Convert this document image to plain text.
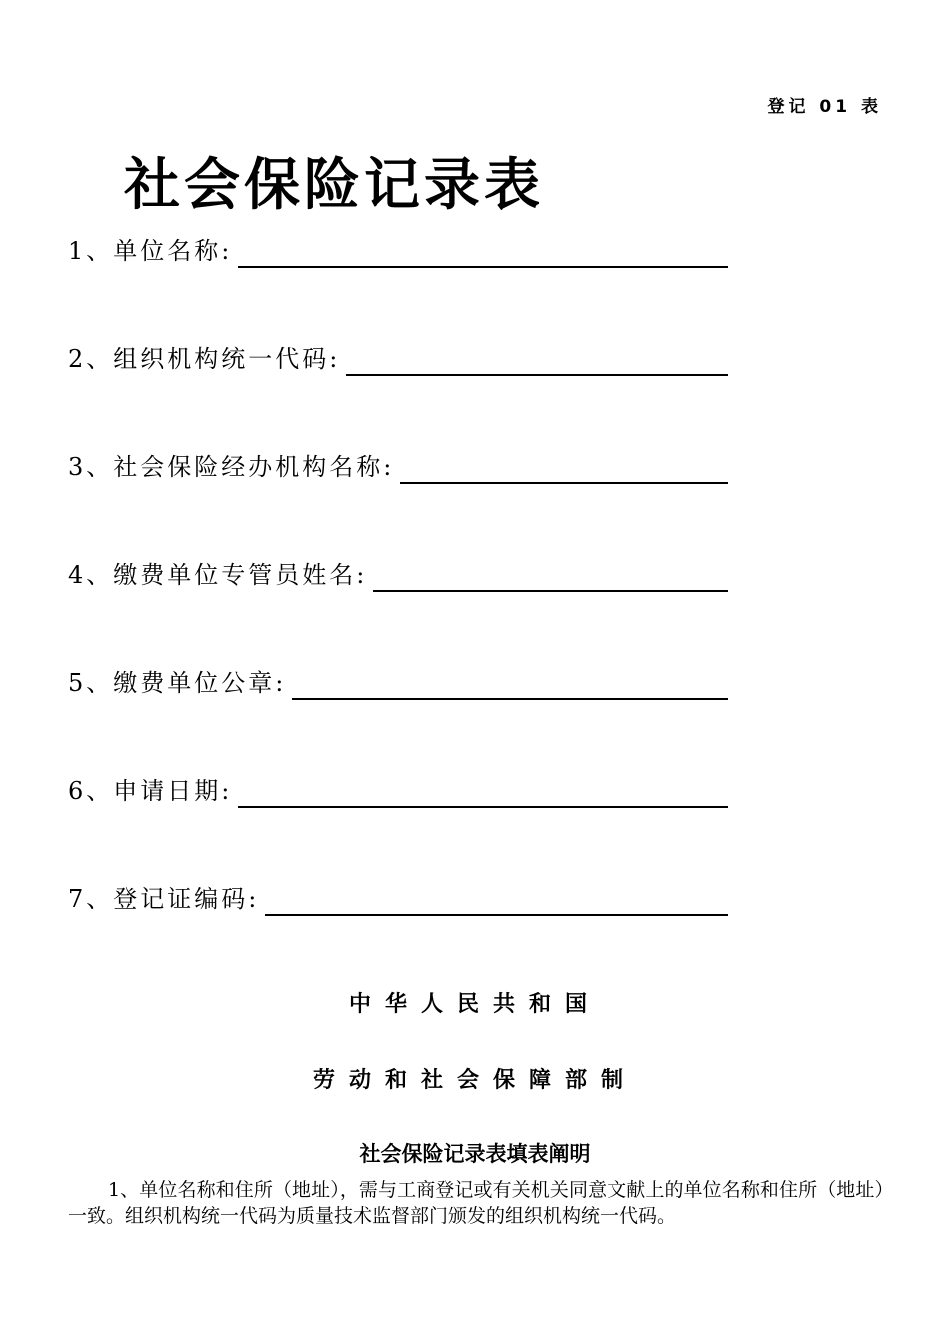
登记 01 表
社会保险记录表
1、单位名称:
2、组织机构统一代码:
3、社会保险经办机构名称:
4、缴费单位专管员姓名:
5、缴费单位公章:
6、申请日期:
7、登记证编码:
中华人民共和国
劳动和社会保障部制
社会保险记录表填表阐明
1、单位名称和住所（地址），需与工商登记或有关机关同意文献上的单位名称和住所（地址）一致。组织机构统一代码为质量技术监督部门颁发的组织机构统一代码。
